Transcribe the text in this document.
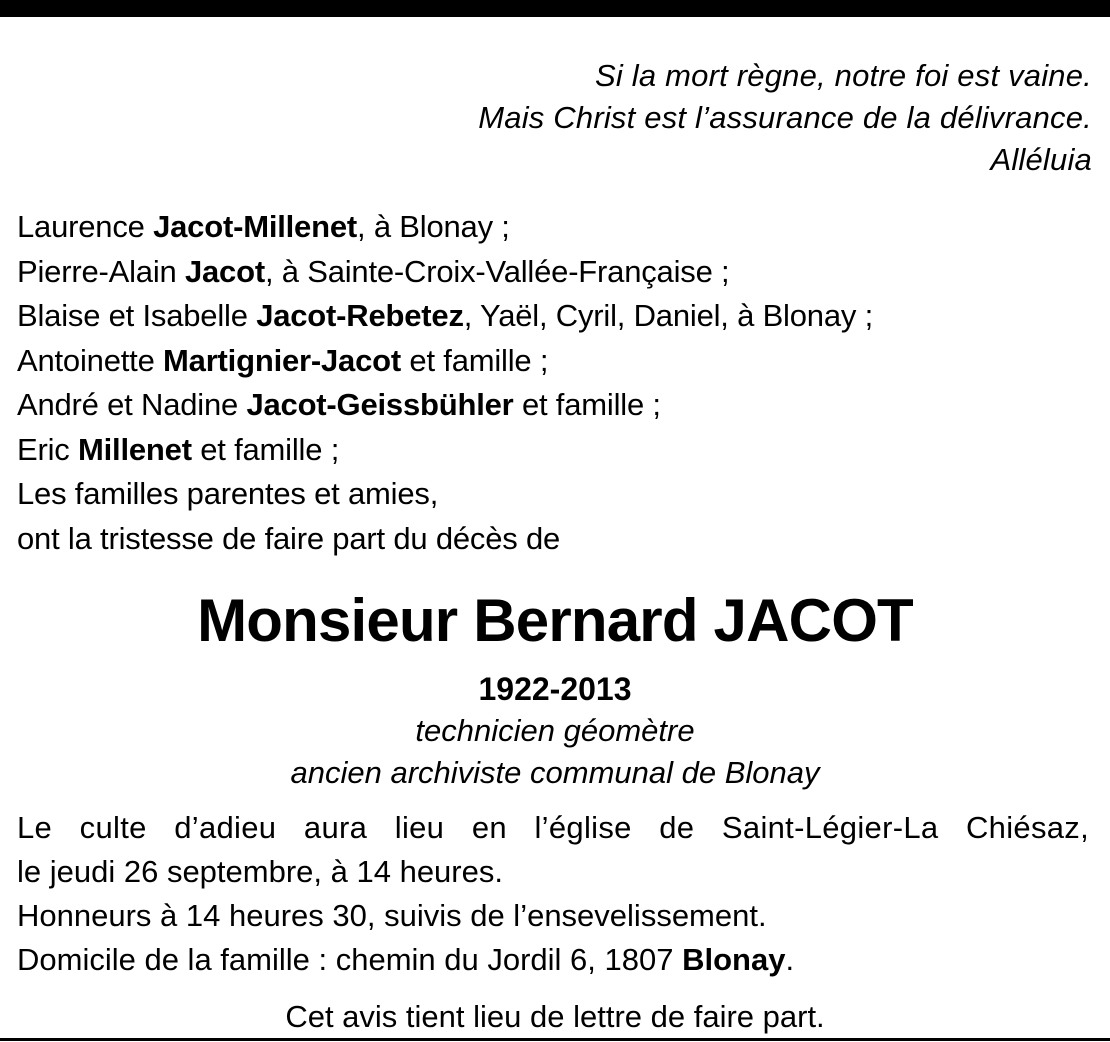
Si la mort règne, notre foi est vaine.
Mais Christ est l’assurance de la délivrance.
Alléluia
Laurence Jacot-Millenet, à Blonay ;
Pierre-Alain Jacot, à Sainte-Croix-Vallée-Française ;
Blaise et Isabelle Jacot-Rebetez, Yaël, Cyril, Daniel, à Blonay ;
Antoinette Martignier-Jacot et famille ;
André et Nadine Jacot-Geissbühler et famille ;
Eric Millenet et famille ;
Les familles parentes et amies,
ont la tristesse de faire part du décès de
Monsieur Bernard JACOT
1922-2013
technicien géomètre
ancien archiviste communal de Blonay
Le culte d’adieu aura lieu en l’église de Saint-Légier-La Chiésaz,
le jeudi 26 septembre, à 14 heures.
Honneurs à 14 heures 30, suivis de l’ensevelissement.
Domicile de la famille : chemin du Jordil 6, 1807 Blonay.
Cet avis tient lieu de lettre de faire part.
